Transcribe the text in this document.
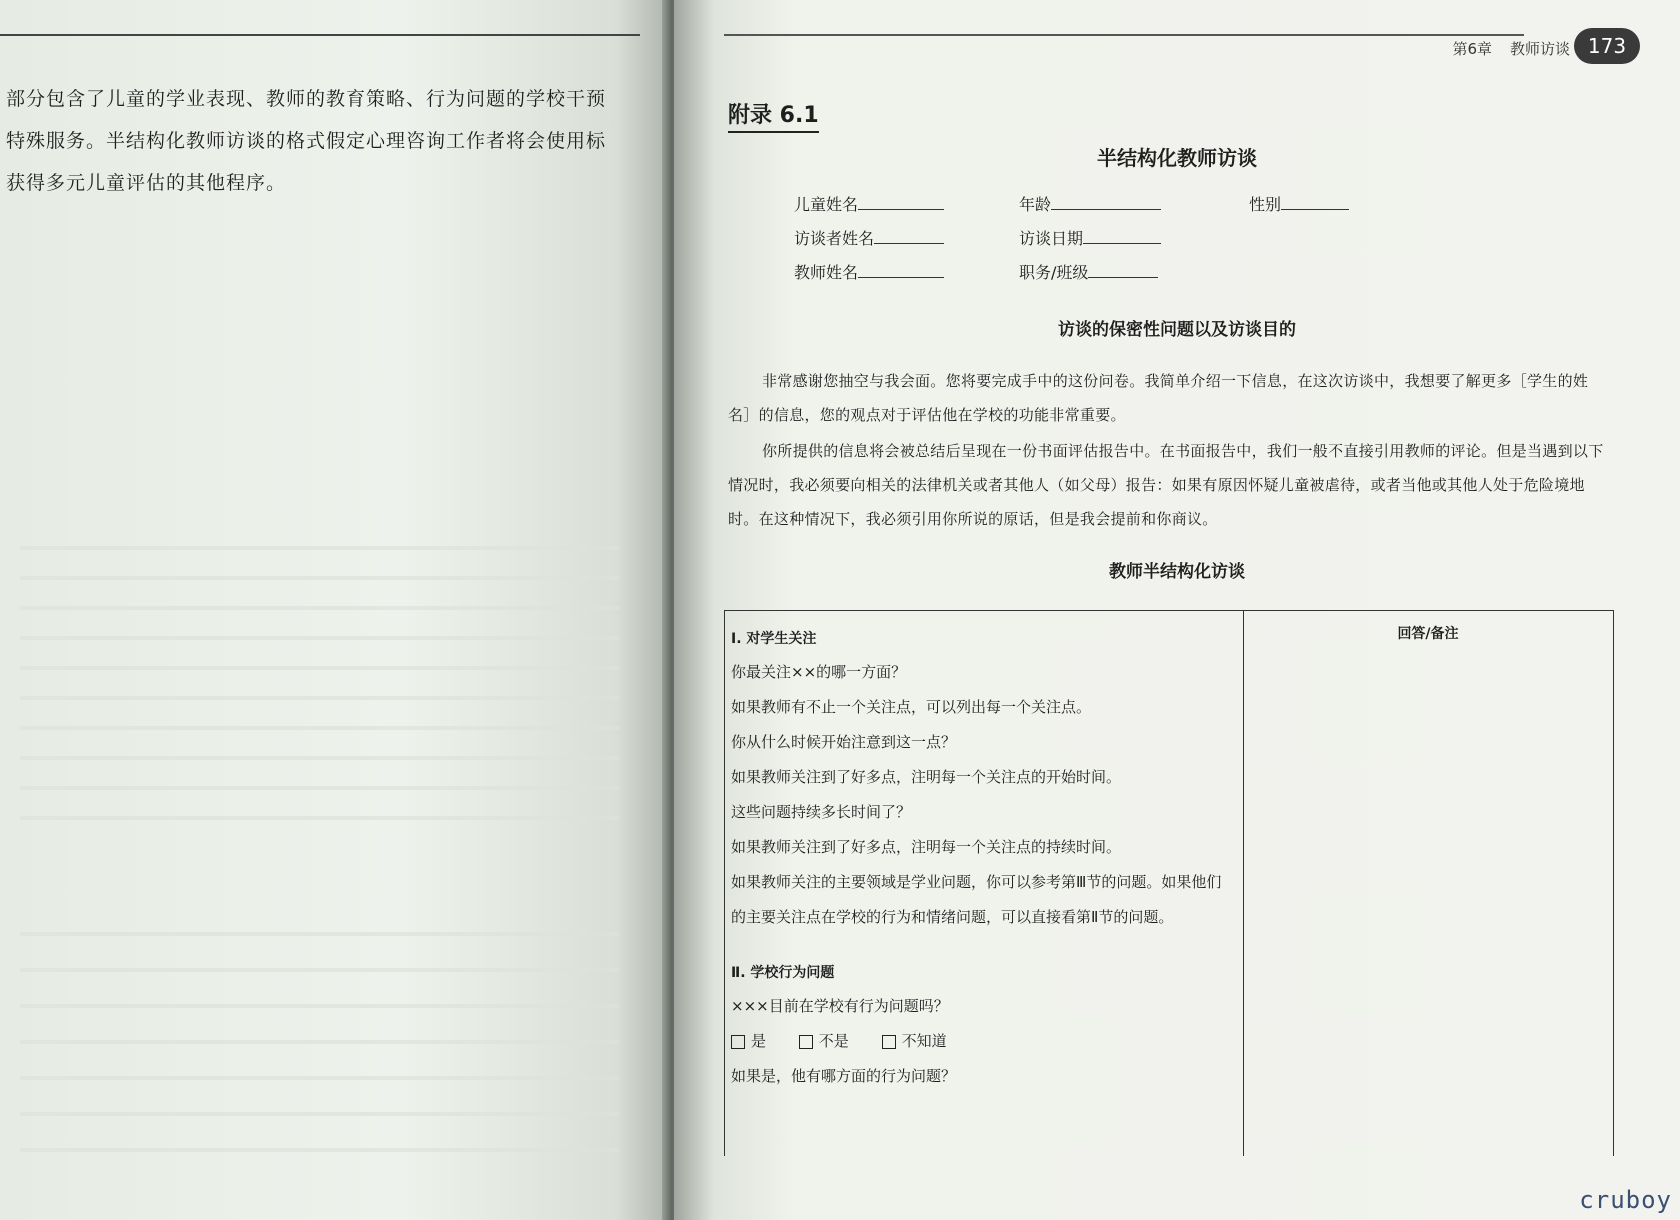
部分包含了儿童的学业表现、教师的教育策略、行为问题的学校干预
特殊服务。半结构化教师访谈的格式假定心理咨询工作者将会使用标
获得多元儿童评估的其他程序。
第6章 教师访谈 173
附录 6.1
半结构化教师访谈
儿童姓名	年龄	性别
访谈者姓名	访谈日期
教师姓名	职务/班级
访谈的保密性问题以及访谈目的
非常感谢您抽空与我会面。您将要完成手中的这份问卷。我简单介绍一下信息，在这次访谈中，我想要了解更多［学生的姓名］的信息，您的观点对于评估他在学校的功能非常重要。
你所提供的信息将会被总结后呈现在一份书面评估报告中。在书面报告中，我们一般不直接引用教师的评论。但是当遇到以下情况时，我必须要向相关的法律机关或者其他人（如父母）报告：如果有原因怀疑儿童被虐待，或者当他或其他人处于危险境地时。在这种情况下，我必须引用你所说的原话，但是我会提前和你商议。
教师半结构化访谈
回答/备注
Ⅰ. 对学生关注
你最关注××的哪一方面？
如果教师有不止一个关注点，可以列出每一个关注点。
你从什么时候开始注意到这一点？
如果教师关注到了好多点，注明每一个关注点的开始时间。
这些问题持续多长时间了？
如果教师关注到了好多点，注明每一个关注点的持续时间。
如果教师关注的主要领域是学业问题，你可以参考第Ⅲ节的问题。如果他们的主要关注点在学校的行为和情绪问题，可以直接看第Ⅱ节的问题。
Ⅱ. 学校行为问题
×××目前在学校有行为问题吗？
是	不是	不知道
如果是，他有哪方面的行为问题？
cruboy
